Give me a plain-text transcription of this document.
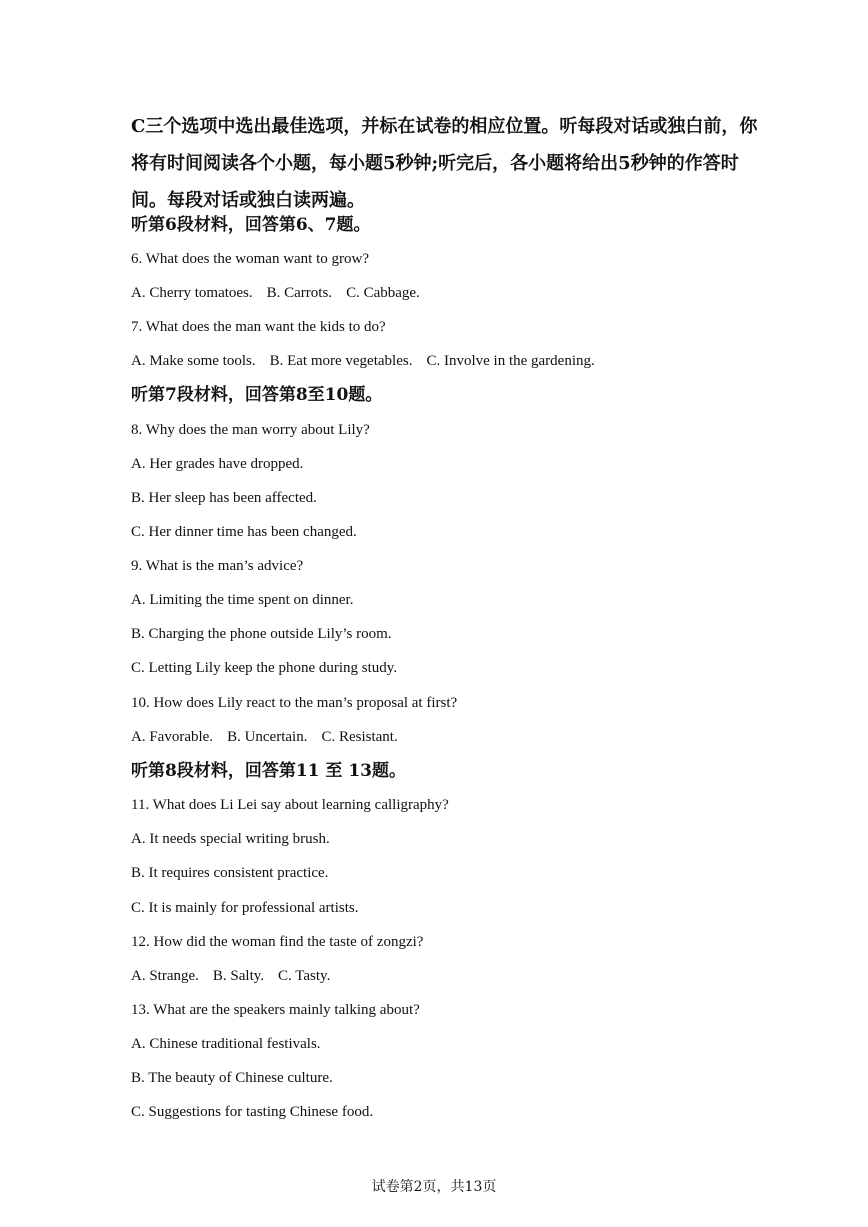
C三个选项中选出最佳选项，并标在试卷的相应位置。听每段对话或独白前，你将有时间阅读各个小题，每小题5秒钟;听完后，各小题将给出5秒钟的作答时间。每段对话或独白读两遍。

听第6段材料，回答第6、7题。
6. What does the woman want to grow?
A. Cherry tomatoes. B. Carrots. C. Cabbage.
7. What does the man want the kids to do?
A. Make some tools. B. Eat more vegetables. C. Involve in the gardening.
听第7段材料，回答第8至10题。
8. Why does the man worry about Lily?
A. Her grades have dropped.
B. Her sleep has been affected.
C. Her dinner time has been changed.
9. What is the man’s advice?
A. Limiting the time spent on dinner.
B. Charging the phone outside Lily’s room.
C. Letting Lily keep the phone during study.
10. How does Lily react to the man’s proposal at first?
A. Favorable. B. Uncertain. C. Resistant.
听第8段材料，回答第11 至 13题。
11. What does Li Lei say about learning calligraphy?
A. It needs special writing brush.
B. It requires consistent practice.
C. It is mainly for professional artists.
12. How did the woman find the taste of zongzi?
A. Strange. B. Salty. C. Tasty.
13. What are the speakers mainly talking about?
A. Chinese traditional festivals.
B. The beauty of Chinese culture.
C. Suggestions for tasting Chinese food.
试卷第2页，共13页
